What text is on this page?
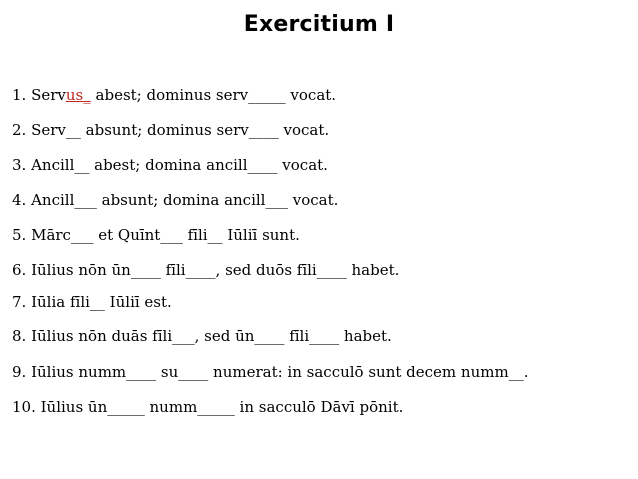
Exercitium I
1. Servus_ abest; dominus serv_____ vocat.
2. Serv__ absunt; dominus serv____ vocat.
3. Ancill__ abest; domina ancill____ vocat.
4. Ancill___ absunt; domina ancill___ vocat.
5. Mārc___ et Quīnt___ fīli__ Iūliī sunt.
6. Iūlius nōn ūn____ fīli____, sed duōs fīli____ habet.
7. Iūlia fīli__ Iūliī est.
8. Iūlius nōn duās fīli___, sed ūn____ fīli____ habet.
9. Iūlius numm____ su____ numerat: in sacculō sunt decem numm__.
10. Iūlius ūn_____ numm_____ in sacculō Dāvī pōnit.
